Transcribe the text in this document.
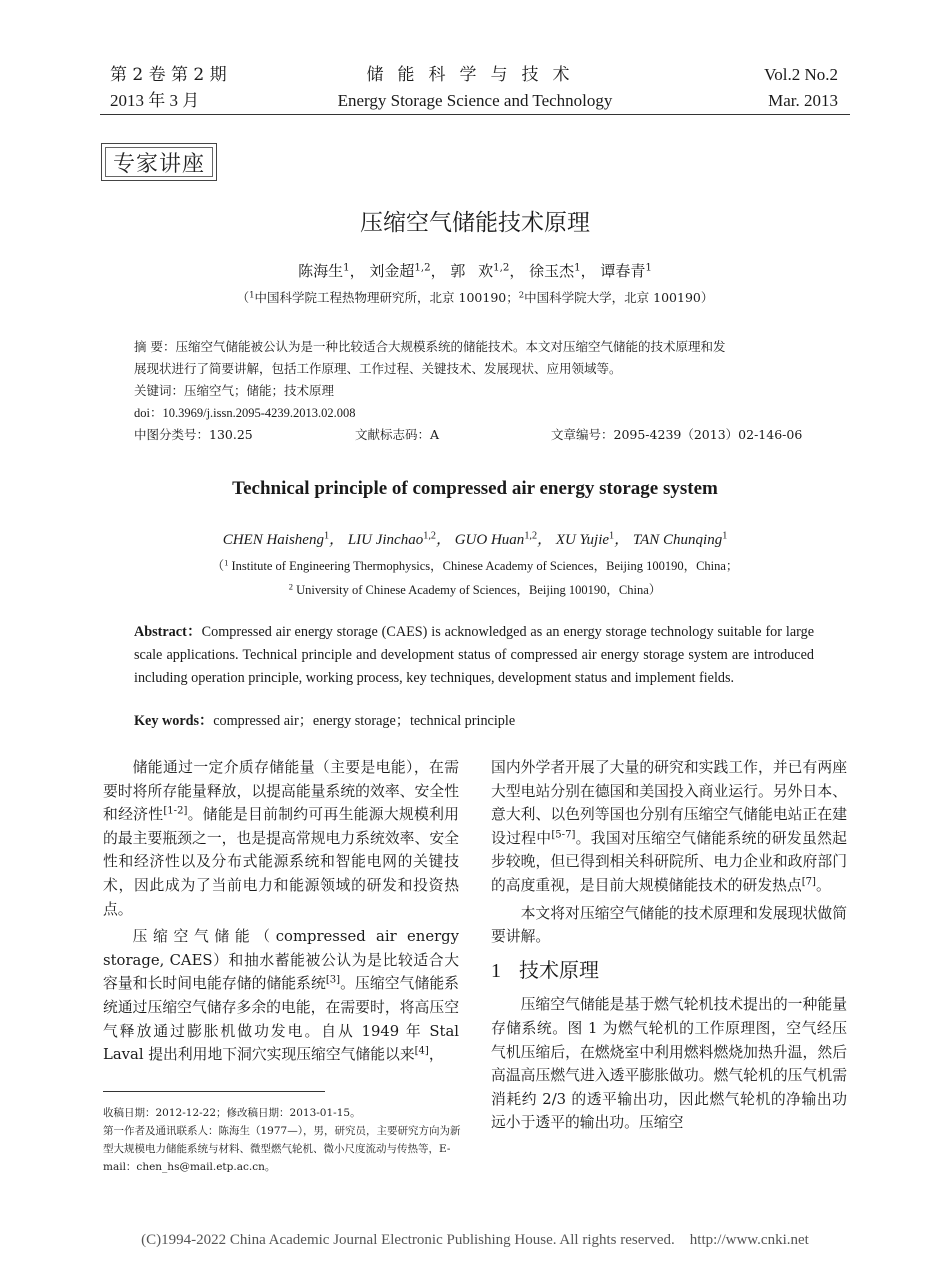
第 2 卷 第 2 期
2013 年 3 月
储能科学与技术
Energy Storage Science and Technology
Vol.2 No.2
Mar. 2013
专家讲座
压缩空气储能技术原理
陈海生$^1$， 刘金超$^{1,2}$， 郭 欢$^{1,2}$， 徐玉杰$^1$， 谭春青$^1$
（$^1$中国科学院工程热物理研究所，北京 100190；$^2$中国科学院大学，北京 100190）
摘 要：压缩空气储能被公认为是一种比较适合大规模系统的储能技术。本文对压缩空气储能的技术原理和发
展现状进行了简要讲解，包括工作原理、工作过程、关键技术、发展现状、应用领域等。
关键词：压缩空气；储能；技术原理
doi：10.3969/j.issn.2095-4239.2013.02.008
中图分类号：130.25	文献标志码：A	文章编号：2095-4239（2013）02-146-06
Technical principle of compressed air energy storage system
CHEN Haisheng$^1$， LIU Jinchao$^{1,2}$， GUO Huan$^{1,2}$， XU Yujie$^1$， TAN Chunqing$^1$
（$^1$ Institute of Engineering Thermophysics，Chinese Academy of Sciences，Beijing 100190，China；
$^2$ University of Chinese Academy of Sciences，Beijing 100190，China）
Abstract：Compressed air energy storage (CAES) is acknowledged as an energy storage technology suitable for large scale applications. Technical principle and development status of compressed air energy storage system are introduced including operation principle, working process, key techniques, development status and implement fields.
Key words：compressed air；energy storage；technical principle

储能通过一定介质存储能量（主要是电能），在需要时将所存能量释放，以提高能量系统的效率、安全性和经济性[1-2]。储能是目前制约可再生能源大规模利用的最主要瓶颈之一，也是提高常规电力系统效率、安全性和经济性以及分布式能源系统和智能电网的关键技术，因此成为了当前电力和能源领域的研发和投资热点。

压缩空气储能（compressed air energy storage, CAES）和抽水蓄能被公认为是比较适合大容量和长时间电能存储的储能系统[3]。压缩空气储能系统通过压缩空气储存多余的电能，在需要时，将高压空气释放通过膨胀机做功发电。自从 1949 年 Stal Laval 提出利用地下洞穴实现压缩空气储能以来[4]，

国内外学者开展了大量的研究和实践工作，并已有两座大型电站分别在德国和美国投入商业运行。另外日本、意大利、以色列等国也分别有压缩空气储能电站正在建设过程中[5-7]。我国对压缩空气储能系统的研发虽然起步较晚，但已得到相关科研院所、电力企业和政府部门的高度重视，是目前大规模储能技术的研发热点[7]。

本文将对压缩空气储能的技术原理和发展现状做简要讲解。

1 技术原理

压缩空气储能是基于燃气轮机技术提出的一种能量存储系统。图 1 为燃气轮机的工作原理图，空气经压气机压缩后，在燃烧室中利用燃料燃烧加热升温，然后高温高压燃气进入透平膨胀做功。燃气轮机的压气机需消耗约 2/3 的透平输出功，因此燃气轮机的净输出功远小于透平的输出功。压缩空

收稿日期：2012-12-22；修改稿日期：2013-01-15。
第一作者及通讯联系人：陈海生（1977—），男，研究员，主要研究方向为新型大规模电力储能系统与材料、微型燃气轮机、微小尺度流动与传热等，E-mail：chen_hs@mail.etp.ac.cn。
(C)1994-2022 China Academic Journal Electronic Publishing House. All rights reserved.    http://www.cnki.net
